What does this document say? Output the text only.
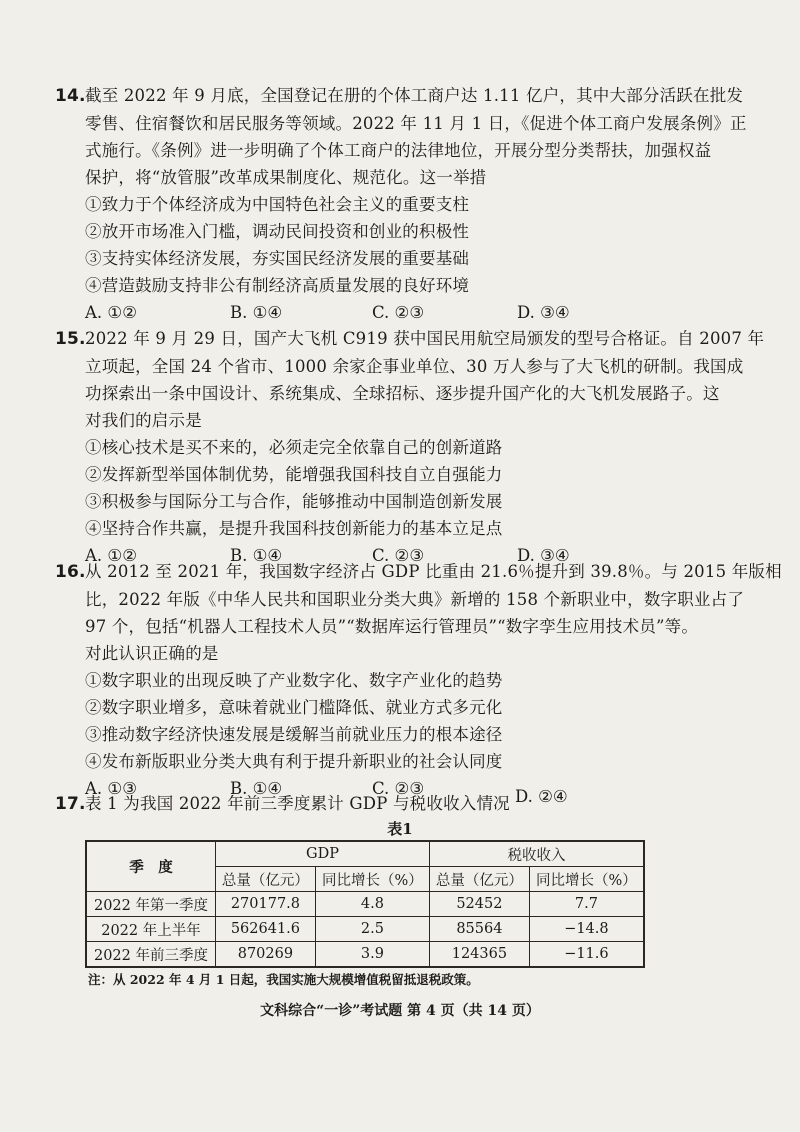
14.截至 2022 年 9 月底，全国登记在册的个体工商户达 1.11 亿户，其中大部分活跃在批发
零售、住宿餐饮和居民服务等领域。2022 年 11 月 1 日，《促进个体工商户发展条例》正
式施行。《条例》进一步明确了个体工商户的法律地位，开展分型分类帮扶，加强权益
保护，将“放管服”改革成果制度化、规范化。这一举措
①致力于个体经济成为中国特色社会主义的重要支柱
②放开市场准入门槛，调动民间投资和创业的积极性
③支持实体经济发展，夯实国民经济发展的重要基础
④营造鼓励支持非公有制经济高质量发展的良好环境
A. ①②	B. ①④	C. ②③	D. ③④
15.2022 年 9 月 29 日，国产大飞机 C919 获中国民用航空局颁发的型号合格证。自 2007 年
立项起，全国 24 个省市、1000 余家企事业单位、30 万人参与了大飞机的研制。我国成
功探索出一条中国设计、系统集成、全球招标、逐步提升国产化的大飞机发展路子。这
对我们的启示是
①核心技术是买不来的，必须走完全依靠自己的创新道路
②发挥新型举国体制优势，能增强我国科技自立自强能力
③积极参与国际分工与合作，能够推动中国制造创新发展
④坚持合作共赢，是提升我国科技创新能力的基本立足点
A. ①②	B. ①④	C. ②③	D. ③④
16.从 2012 至 2021 年，我国数字经济占 GDP 比重由 21.6％提升到 39.8％。与 2015 年版相
比，2022 年版《中华人民共和国职业分类大典》新增的 158 个新职业中，数字职业占了
97 个，包括“机器人工程技术人员”“数据库运行管理员”“数字孪生应用技术员”等。
对此认识正确的是
①数字职业的出现反映了产业数字化、数字产业化的趋势
②数字职业增多，意味着就业门槛降低、就业方式多元化
③推动数字经济快速发展是缓解当前就业压力的根本途径
④发布新版职业分类大典有利于提升新职业的社会认同度
A. ①③	B. ①④	C. ②③	D. ②④
17.表 1 为我国 2022 年前三季度累计 GDP 与税收收入情况
表1
季　度	GDP		税收收入	
	总量（亿元）	同比增长（%）	总量（亿元）	同比增长（%）
2022 年第一季度	270177.8	4.8	52452	7.7
2022 年上半年	562641.6	2.5	85564	−14.8
2022 年前三季度	870269	3.9	124365	−11.6
注：从 2022 年 4 月 1 日起，我国实施大规模增值税留抵退税政策。
文科综合“一诊”考试题 第 4 页（共 14 页）
